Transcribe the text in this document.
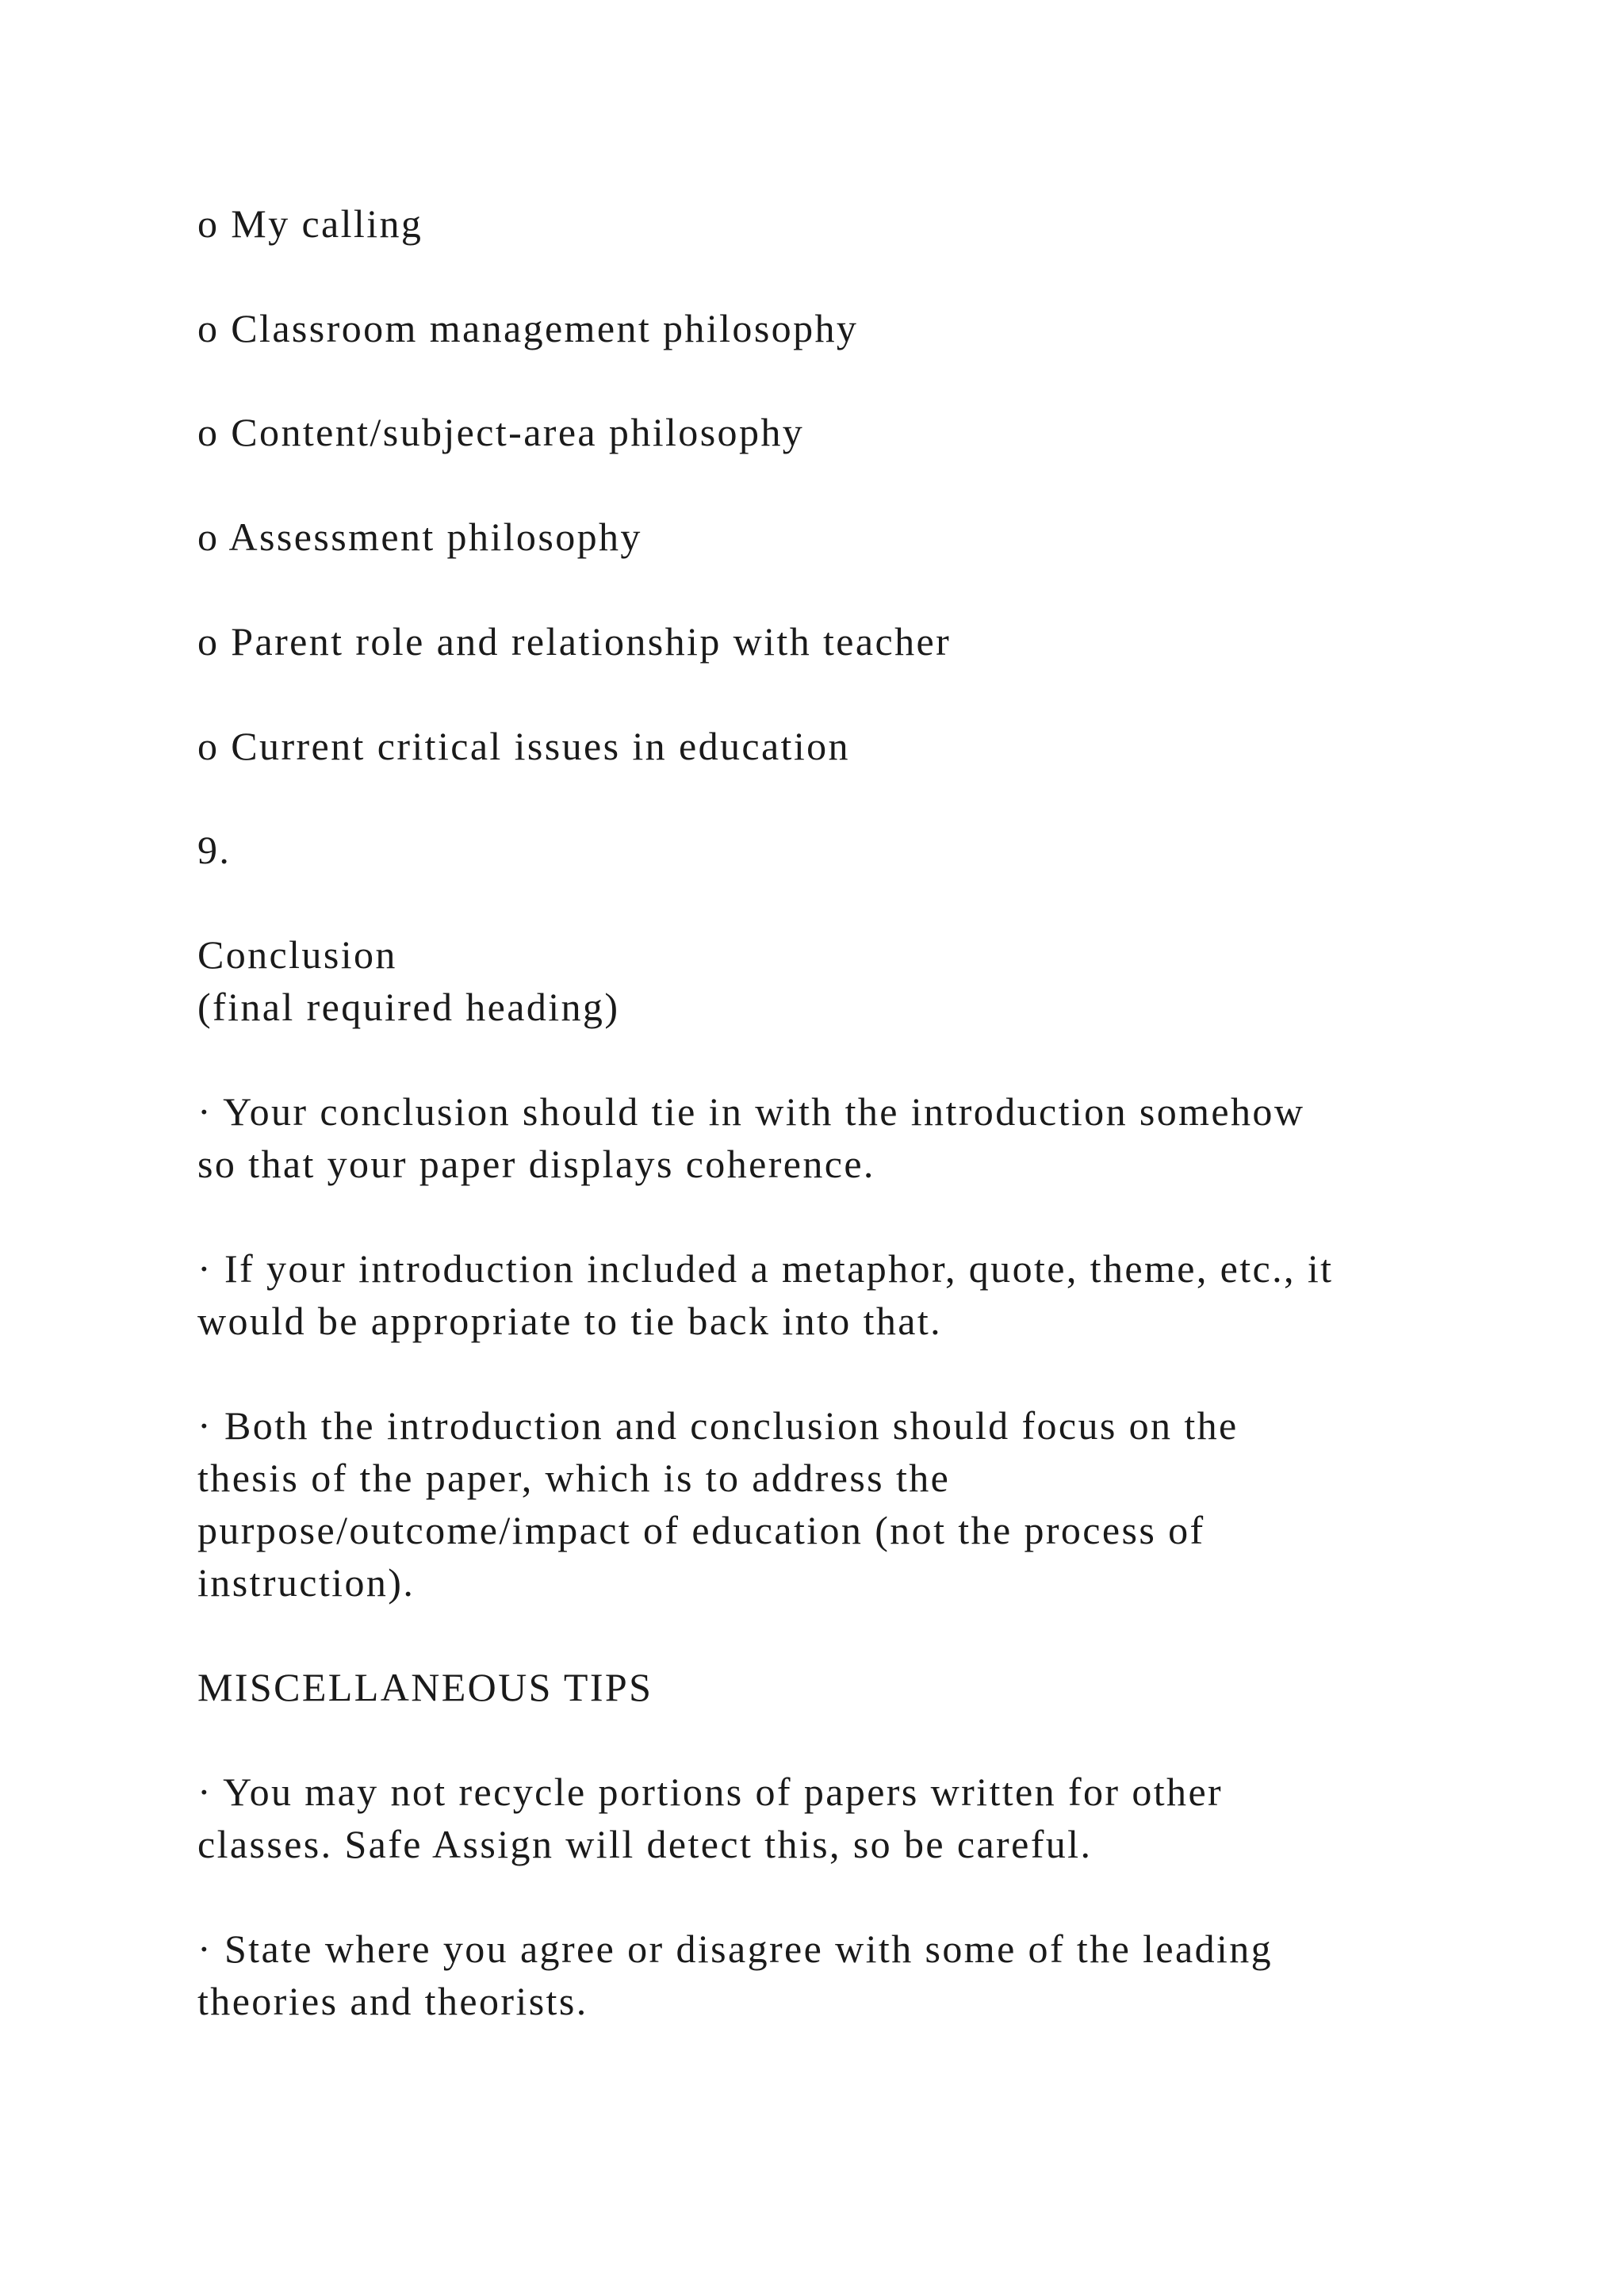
o My calling
o Classroom management philosophy
o Content/subject-area philosophy
o Assessment philosophy
o Parent role and relationship with teacher
o Current critical issues in education
9.
Conclusion
(final required heading)
· Your conclusion should tie in with the introduction somehow
so that your paper displays coherence.
· If your introduction included a metaphor, quote, theme, etc., it
would be appropriate to tie back into that.
· Both the introduction and conclusion should focus on the
thesis of the paper, which is to address the
purpose/outcome/impact of education (not the process of
instruction).
MISCELLANEOUS TIPS
· You may not recycle portions of papers written for other
classes. Safe Assign will detect this, so be careful.
· State where you agree or disagree with some of the leading
theories and theorists.
